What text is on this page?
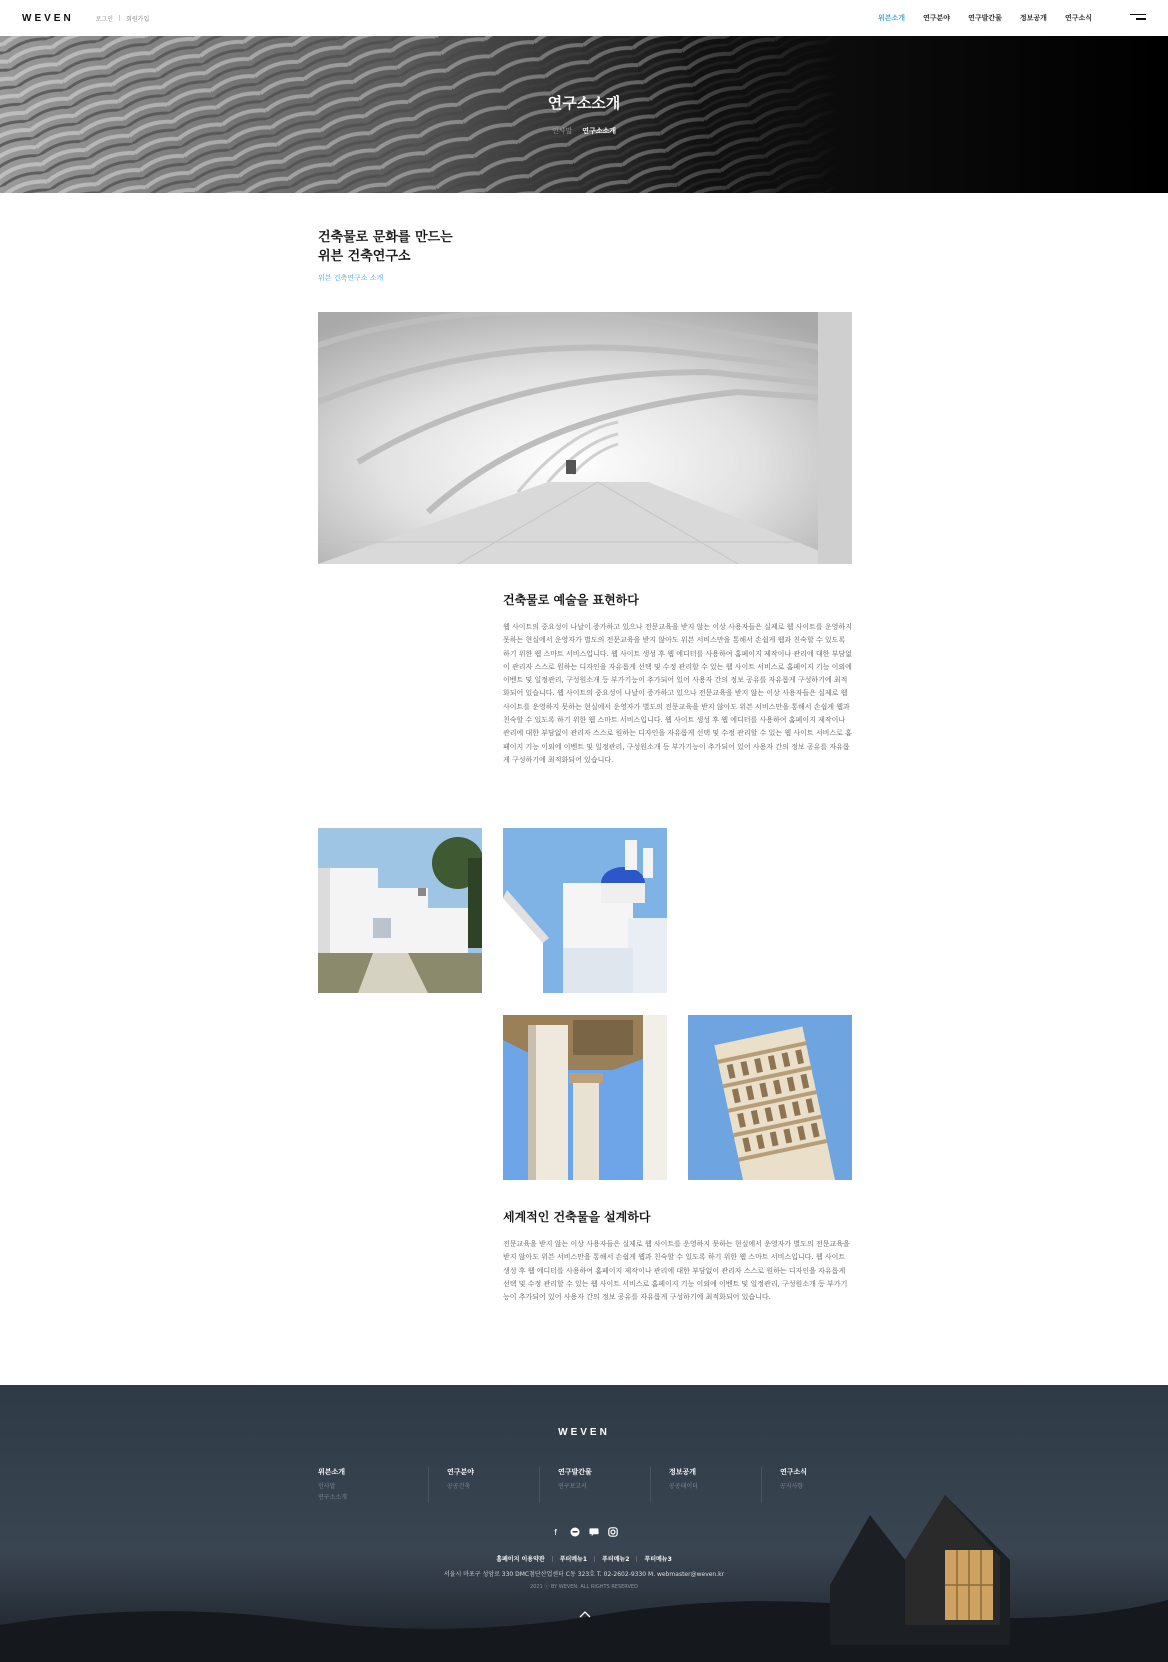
WEVEN	로그인 회원가입	위븐소개	연구분야	연구발간물	정보공개	연구소식
연구소소개
인사말 연구소소개
건축물로 문화를 만드는
위븐 건축연구소
위븐 건축연구소 소개
건축물로 예술을 표현하다
웹 사이트의 중요성이 나날이 증가하고 있으나 전문교육을 받지 않는 이상 사용자들은 실제로 웹 사이트를 운영하지 못하는 현실에서 운영자가 별도의 전문교육을 받지 않아도 위븐 서비스만을 통해서 손쉽게 웹과 친숙할 수 있도록 하기 위한 웹 스마트 서비스입니다. 웹 사이트 생성 후 웹 에디터를 사용하여 홈페이지 제작이나 관리에 대한 부담없이 관리자 스스로 원하는 디자인을 자유롭게 선택 및 수정 관리할 수 있는 웹 사이트 서비스로 홈페이지 기능 이외에 이벤트 및 일정관리, 구성원소개 등 부가기능이 추가되어 있어 사용자 간의 정보 공유를 자유롭게 구성하기에 최적화되어 있습니다. 웹 사이트의 중요성이 나날이 증가하고 있으나 전문교육을 받지 않는 이상 사용자들은 실제로 웹 사이트를 운영하지 못하는 현실에서 운영자가 별도의 전문교육을 받지 않아도 위븐 서비스만을 통해서 손쉽게 웹과 친숙할 수 있도록 하기 위한 웹 스마트 서비스입니다. 웹 사이트 생성 후 웹 에디터를 사용하여 홈페이지 제작이나 관리에 대한 부담없이 관리자 스스로 원하는 디자인을 자유롭게 선택 및 수정 관리할 수 있는 웹 사이트 서비스로 홈페이지 기능 이외에 이벤트 및 일정관리, 구성원소개 등 부가기능이 추가되어 있어 사용자 간의 정보 공유를 자유롭게 구성하기에 최적화되어 있습니다.
세계적인 건축물을 설계하다
전문교육을 받지 않는 이상 사용자들은 실제로 웹 사이트를 운영하지 못하는 현실에서 운영자가 별도의 전문교육을 받지 않아도 위븐 서비스만을 통해서 손쉽게 웹과 친숙할 수 있도록 하기 위한 웹 스마트 서비스입니다. 웹 사이트 생성 후 웹 에디터를 사용하여 홈페이지 제작이나 관리에 대한 부담없이 관리자 스스로 원하는 디자인을 자유롭게 선택 및 수정 관리할 수 있는 웹 사이트 서비스로 홈페이지 기능 이외에 이벤트 및 일정관리, 구성원소개 등 부가기능이 추가되어 있어 사용자 간의 정보 공유를 자유롭게 구성하기에 최적화되어 있습니다.
WEVEN
위븐소개
인사말
연구소소개
연구분야
공공건축
연구발간물
연구보고서
정보공개
공공데이터
연구소식
공지사항
f
홈페이지 이용약관	푸터메뉴1	푸터메뉴2	푸터메뉴3
서울시 마포구 성암로 330 DMC첨단산업센터 C동 323호 T. 02-2602-9330 M. webmaster@weven.kr
2021 ⓒ BY WEVEN. ALL RIGHTS RESERVED
